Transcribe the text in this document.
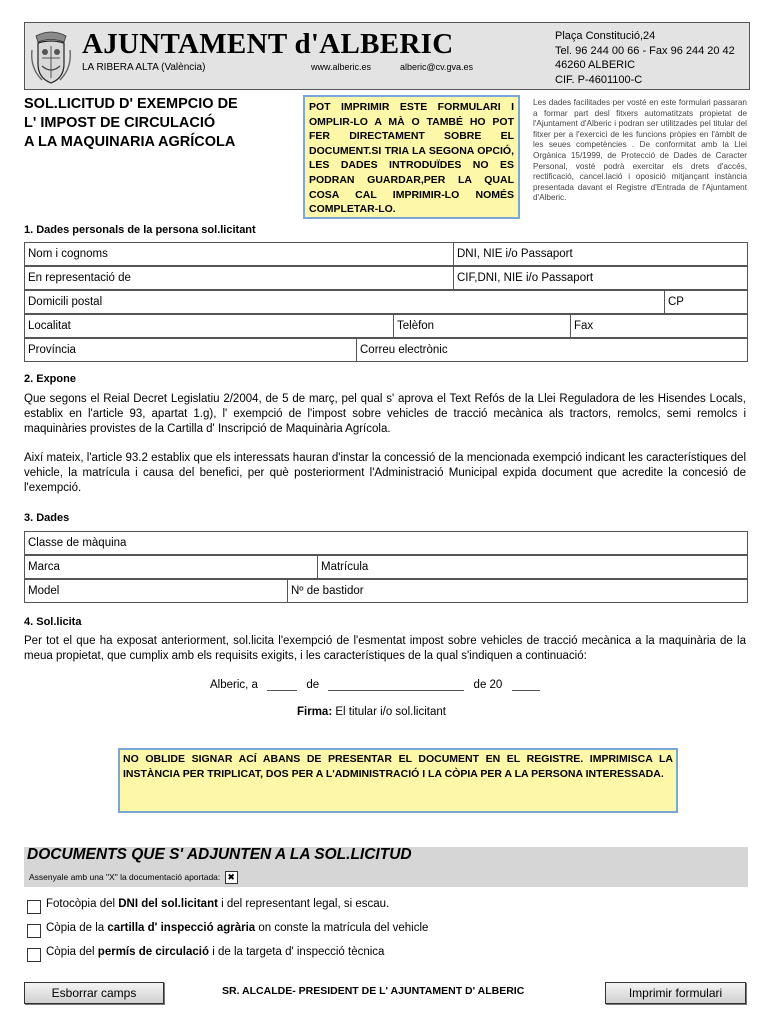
AJUNTAMENT d'ALBERIC
LA RIBERA ALTA (València)	www.alberic.es	alberic@cv.gva.es
Plaça Constitució,24
Tel. 96 244 00 66 - Fax 96 244 20 42
46260 ALBERIC
CIF. P-4601100-C
SOL.LICITUD D' EXEMPCIO DE
L' IMPOST DE CIRCULACIÓ
A LA MAQUINARIA AGRÍCOLA
POT IMPRIMIR ESTE FORMULARI I OMPLIR-LO A MÀ O TAMBÉ HO POT FER DIRECTAMENT SOBRE EL DOCUMENT.SI TRIA LA SEGONA OPCIÓ, LES DADES INTRODUÏDES NO ES PODRAN GUARDAR,PER LA QUAL COSA CAL IMPRIMIR-LO NOMÉS COMPLETAR-LO.
Les dades facilitades per vosté en este formulari passaran a formar part desl fitxers automatitzats propietat de l'Ajuntament d'Alberic i podran ser utilitzades pel titular del fitxer per a l'exercici de les funcions pròpies en l'àmblt de les seues competències . De conformitat amb la Llei Orgànica 15/1999, de Protecció de Dades de Caracter Personal, vosté podrà exercitar els drets d'accés, rectificació, cancel.lació i oposició mitjançant instància presentada davant el Registre d'Entrada de l'Ajuntament d'Alberic.
1. Dades personals de la persona sol.licitant
Nom i cognoms	DNI, NIE i/o Passaport
En representació de	CIF,DNI, NIE i/o Passaport
Domicili postal	CP
Localitat	Telèfon	Fax
Província	Correu electrònic
2. Expone
Que segons el Reial Decret Legislatiu 2/2004, de 5 de març, pel qual s' aprova el Text Refós de la Llei Reguladora de les Hisendes Locals, establix en l'article 93, apartat 1.g), l' exempció de l'impost sobre vehicles de tracció mecànica als tractors, remolcs, semi remolcs i maquinàries provistes de la Cartilla d' Inscripció de Maquinària Agrícola.
Així mateix, l'article 93.2 establix que els interessats hauran d'instar la concessió de la mencionada exempció indicant les característiques del vehicle, la matrícula i causa del benefici, per què posteriorment l'Administració Municipal expida document que acredite la concesió de l'exempció.
3. Dades
Classe de màquina
Marca	Matrícula
Model	Nº de bastidor
4. Sol.licita
Per tot el que ha exposat anteriorment, sol.licita l'exempció de l'esmentat impost sobre vehicles de tracció mecànica a la maquinària de la meua propietat, que cumplix amb els requisits exigits, i les característiques de la qual s'indiquen a continuació:
Alberic, a	de	de 20
Firma: El titular i/o sol.licitant
NO OBLIDE SIGNAR ACÍ ABANS DE PRESENTAR EL DOCUMENT EN EL REGISTRE. IMPRIMISCA LA INSTÀNCIA PER TRIPLICAT, DOS PER A L'ADMINISTRACIÓ I LA CÒPIA PER A LA PERSONA INTERESSADA.
DOCUMENTS QUE S' ADJUNTEN A LA SOL.LICITUD
Assenyale amb una "X" la documentació aportada: ✖
Fotocòpia del DNI del sol.licitant i del representant legal, si escau.
Còpia de la cartilla d' inspecció agrària on conste la matrícula del vehicle
Còpia del permís de circulació i de la targeta d' inspecció tècnica
Esborrar camps	SR. ALCALDE- PRESIDENT DE L' AJUNTAMENT D' ALBERIC	Imprimir formulari
